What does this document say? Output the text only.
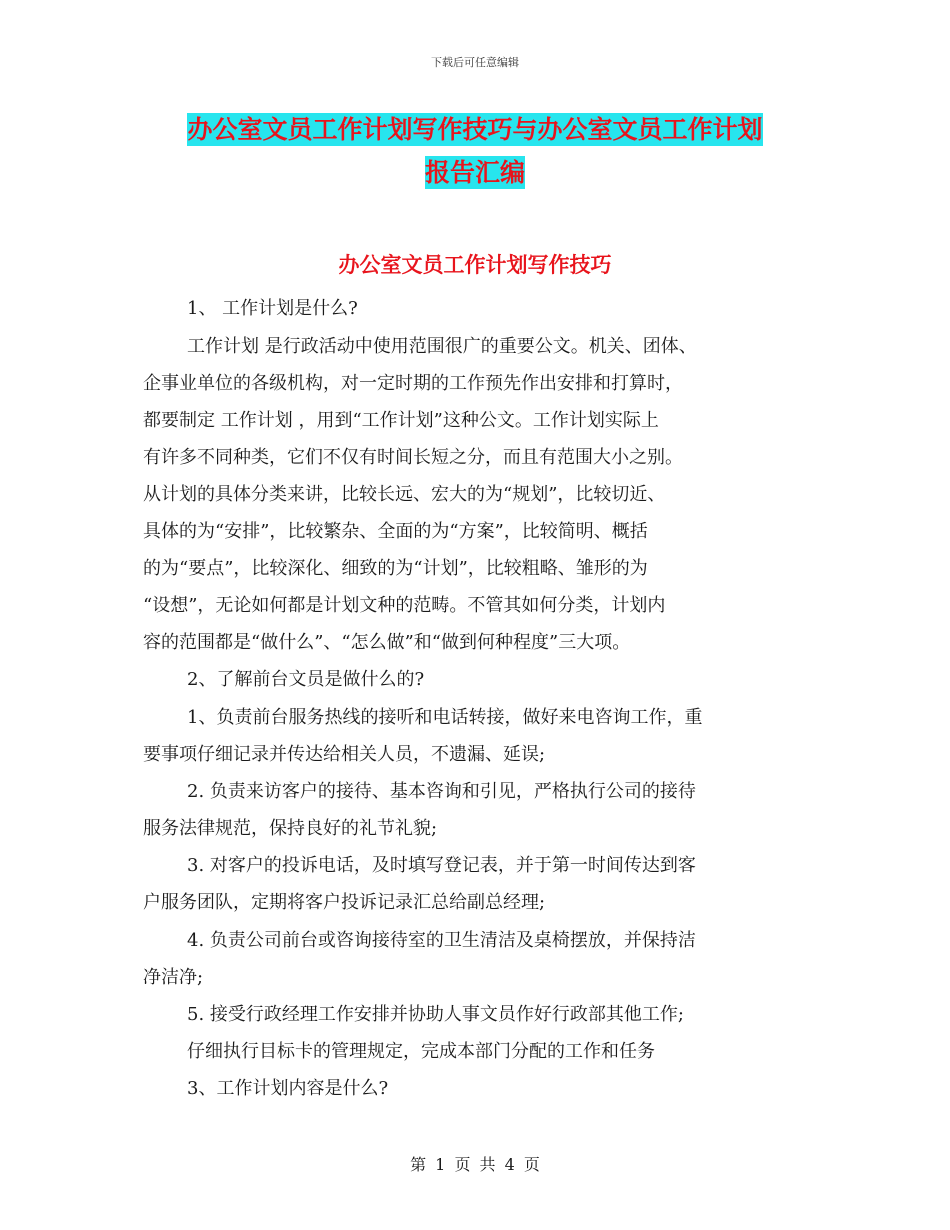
下载后可任意编辑
办公室文员工作计划写作技巧与办公室文员工作计划
报告汇编
办公室文员工作计划写作技巧
1、 工作计划是什么?
工作计划 是行政活动中使用范围很广的重要公文。机关、团体、
企事业单位的各级机构，对一定时期的工作预先作出安排和打算时，
都要制定 工作计划 ，用到“工作计划”这种公文。工作计划实际上
有许多不同种类，它们不仅有时间长短之分，而且有范围大小之别。
从计划的具体分类来讲，比较长远、宏大的为“规划”，比较切近、
具体的为“安排”，比较繁杂、全面的为“方案”，比较简明、概括
的为“要点”，比较深化、细致的为“计划”，比较粗略、雏形的为
“设想”，无论如何都是计划文种的范畴。不管其如何分类，计划内
容的范围都是“做什么”、“怎么做”和“做到何种程度”三大项。
2、了解前台文员是做什么的?
1、负责前台服务热线的接听和电话转接，做好来电咨询工作，重
要事项仔细记录并传达给相关人员，不遗漏、延误;
2. 负责来访客户的接待、基本咨询和引见，严格执行公司的接待
服务法律规范，保持良好的礼节礼貌;
3. 对客户的投诉电话，及时填写登记表，并于第一时间传达到客
户服务团队，定期将客户投诉记录汇总给副总经理;
4. 负责公司前台或咨询接待室的卫生清洁及桌椅摆放，并保持洁
净洁净;
5. 接受行政经理工作安排并协助人事文员作好行政部其他工作;
仔细执行目标卡的管理规定，完成本部门分配的工作和任务
3、工作计划内容是什么?
第 1 页 共 4 页
